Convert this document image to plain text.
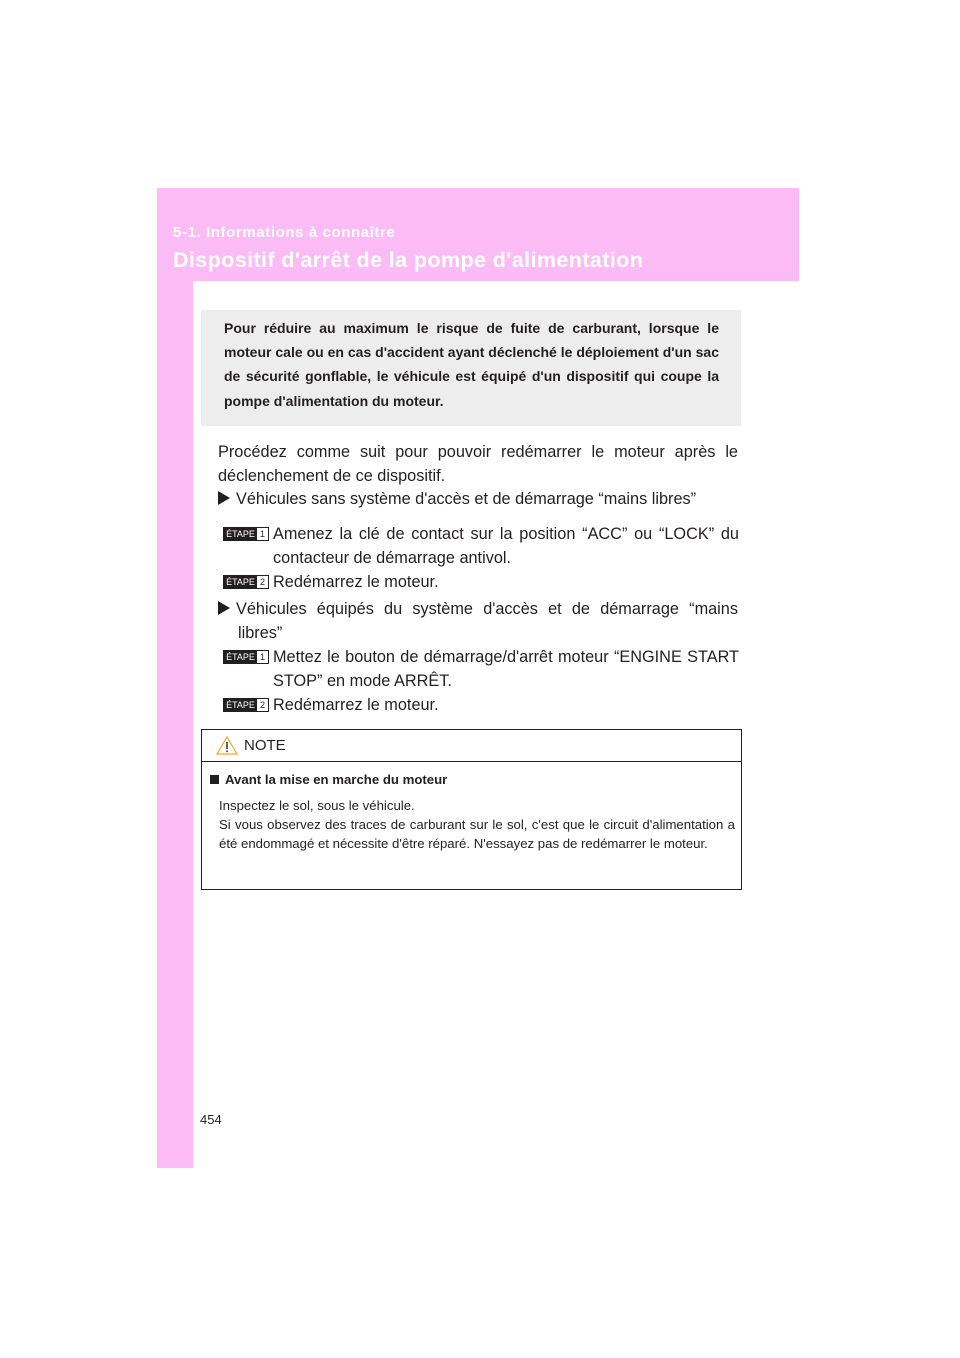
5-1. Informations à connaître
Dispositif d'arrêt de la pompe d'alimentation

Pour réduire au maximum le risque de fuite de carburant, lorsque le moteur cale ou en cas d'accident ayant déclenché le déploiement d'un sac de sécurité gonflable, le véhicule est équipé d'un dispositif qui coupe la pompe d'alimentation du moteur.

Procédez comme suit pour pouvoir redémarrer le moteur après le déclenchement de ce dispositif.
Véhicules sans système d'accès et de démarrage “mains libres”
ÉTAPE 1 Amenez la clé de contact sur la position “ACC” ou “LOCK” du contacteur de démarrage antivol.
ÉTAPE 2 Redémarrez le moteur.
Véhicules équipés du système d'accès et de démarrage “mains libres”
ÉTAPE 1 Mettez le bouton de démarrage/d'arrêt moteur “ENGINE START STOP” en mode ARRÊT.
ÉTAPE 2 Redémarrez le moteur.
NOTE
Avant la mise en marche du moteur
Inspectez le sol, sous le véhicule.
Si vous observez des traces de carburant sur le sol, c'est que le circuit d'alimentation a été endommagé et nécessite d'être réparé. N'essayez pas de redémarrer le moteur.
454
